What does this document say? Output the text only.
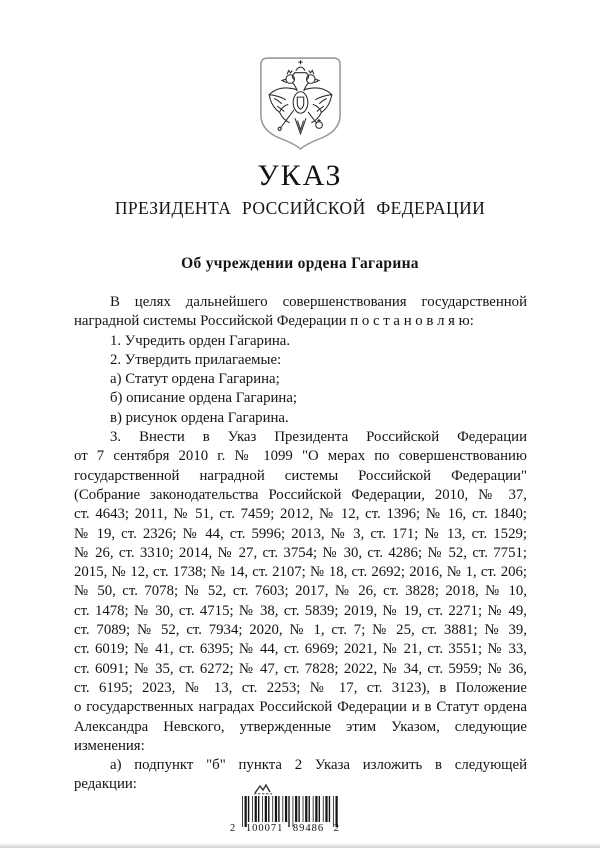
УКАЗ
ПРЕЗИДЕНТА РОССИЙСКОЙ ФЕДЕРАЦИИ
Об учреждении ордена Гагарина
В целях дальнейшего совершенствования государственной
наградной системы Российской Федерации п о с т а н о в л я ю:
1. Учредить орден Гагарина.
2. Утвердить прилагаемые:
а) Статут ордена Гагарина;
б) описание ордена Гагарина;
в) рисунок ордена Гагарина.
3. Внести в Указ Президента Российской Федерации
от 7 сентября 2010 г. № 1099 "О мерах по совершенствованию
государственной наградной системы Российской Федерации"
(Собрание законодательства Российской Федерации, 2010, № 37,
ст. 4643; 2011, № 51, ст. 7459; 2012, № 12, ст. 1396; № 16, ст. 1840;
№ 19, ст. 2326; № 44, ст. 5996; 2013, № 3, ст. 171; № 13, ст. 1529;
№ 26, ст. 3310; 2014, № 27, ст. 3754; № 30, ст. 4286; № 52, ст. 7751;
2015, № 12, ст. 1738; № 14, ст. 2107; № 18, ст. 2692; 2016, № 1, ст. 206;
№ 50, ст. 7078; № 52, ст. 7603; 2017, № 26, ст. 3828; 2018, № 10,
ст. 1478; № 30, ст. 4715; № 38, ст. 5839; 2019, № 19, ст. 2271; № 49,
ст. 7089; № 52, ст. 7934; 2020, № 1, ст. 7; № 25, ст. 3881; № 39,
ст. 6019; № 41, ст. 6395; № 44, ст. 6969; 2021, № 21, ст. 3551; № 33,
ст. 6091; № 35, ст. 6272; № 47, ст. 7828; 2022, № 34, ст. 5959; № 36,
ст. 6195; 2023, № 13, ст. 2253; № 17, ст. 3123), в Положение
о государственных наградах Российской Федерации и в Статут ордена
Александра Невского, утвержденные этим Указом, следующие
изменения:
а) подпункт "б" пункта 2 Указа изложить в следующей
редакции:
2 100071 89486 2
